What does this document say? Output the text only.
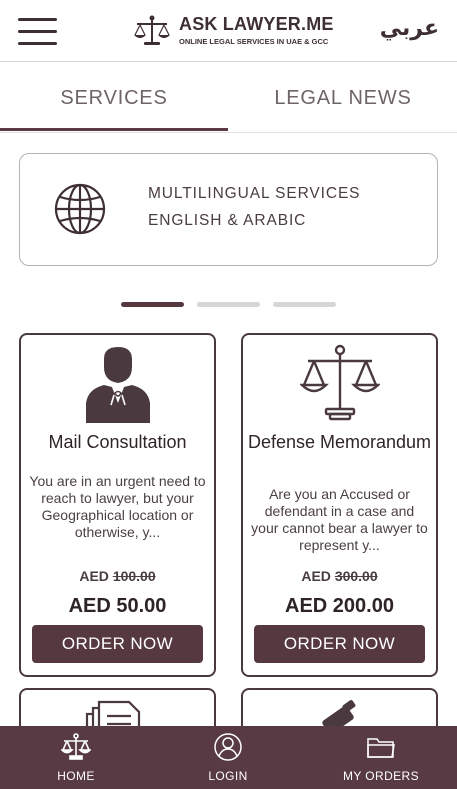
ASK LAWYER.ME
ONLINE LEGAL SERVICES IN UAE & GCC
عربي
SERVICES	LEGAL NEWS
MULTILINGUAL SERVICES
ENGLISH & ARABIC
Mail Consultation
You are in an urgent need to reach to lawyer, but your Geographical location or otherwise, y...
AED 100.00
AED 50.00
ORDER NOW
Defense Memorandum
Are you an Accused or defendant in a case and your cannot bear a lawyer to represent y...
AED 300.00
AED 200.00
ORDER NOW
HOME	LOGIN	MY ORDERS
